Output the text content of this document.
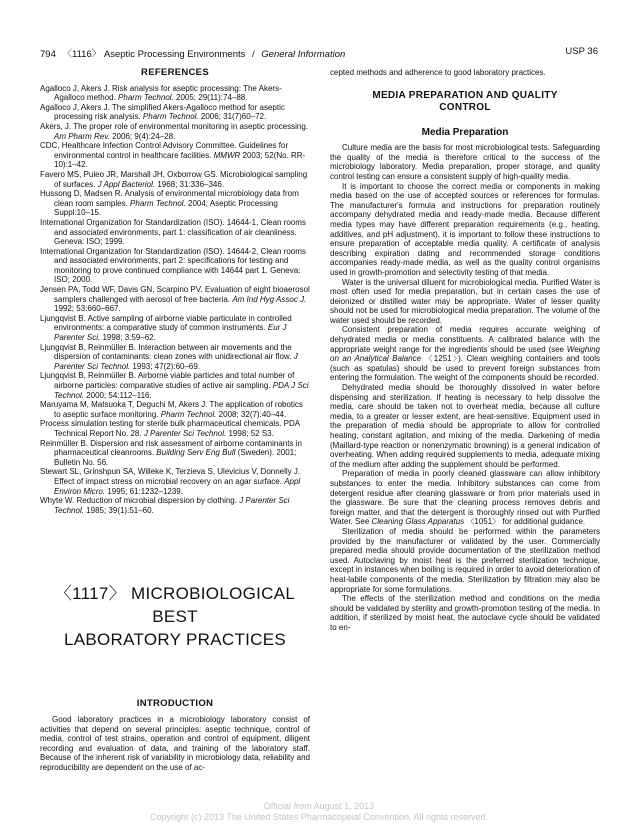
794 〈1116〉 Aseptic Processing Environments / General Information	USP 36
REFERENCES

Agalloco J, Akers J. Risk analysis for aseptic processing: The Akers-Agalloco method. Pharm Technol. 2005; 29(11):74–88.

Agalloco J, Akers J. The simplified Akers-Agalloco method for aseptic processing risk analysis. Pharm Technol. 2006; 31(7)60–72.

Akers, J. The proper role of environmental monitoring in aseptic processing. Am Pharm Rev. 2006; 9(4):24–28.

CDC, Healthcare Infection Control Advisory Committee. Guidelines for environmental control in healthcare facilities. MMWR 2003; 52(No. RR-10):1–42.

Favero MS, Puleo JR, Marshall JH, Oxborrow GS. Microbiological sampling of surfaces. J Appl Bacteriol. 1968; 31:336–346.

Hussong D, Madsen R. Analysis of environmental microbiology data from clean room samples. Pharm Technol. 2004; Aseptic Processing Suppl:10–15.

International Organization for Standardization (ISO). 14644-1, Clean rooms and associated environments, part 1: classification of air cleanliness. Geneva: ISO; 1999.

International Organization for Standardization (ISO). 14644-2, Clean rooms and associated environments, part 2: specifications for testing and monitoring to prove continued compliance with 14644 part 1. Geneva: ISO; 2000.

Jensen PA, Todd WF, Davis GN, Scarpino PV. Evaluation of eight bioaerosol samplers challenged with aerosol of free bacteria. Am Ind Hyg Assoc J. 1992; 53:660–667.

Ljungqvist B. Active sampling of airborne viable particulate in controlled environments: a comparative study of common instruments. Eur J Parenter Sci. 1998; 3:59–62.

Ljungqvist B, Reinmüller B. Interaction between air movements and the dispersion of contaminants: clean zones with unidirectional air flow. J Parenter Sci Technol. 1993; 47(2):60–69.

Ljungqvist B, Reinmüller B. Airborne viable particles and total number of airborne particles: comparative studies of active air sampling. PDA J Sci Technol. 2000; 54:112–116.

Maruyama M, Matsuoka T, Deguchi M, Akers J. The application of robotics to aseptic surface monitoring. Pharm Technol. 2008; 32(7):40–44.

Process simulation testing for sterile bulk pharmaceutical chemicals. PDA Technical Report No. 28. J Parenter Sci Technol. 1998; 52 S3.

Reinmüller B. Dispersion and risk assessment of airborne contaminants in pharmaceutical cleanrooms. Building Serv Eng Bull (Sweden). 2001; Bulletin No. 56.

Stewart SL, Grinshpun SA, Willeke K, Terzieva S, Ulevicius V, Donnelly J. Effect of impact stress on microbial recovery on an agar surface. Appl Environ Micro. 1995; 61:1232–1239.

Whyte W. Reduction of microbial dispersion by clothing. J Parenter Sci Technol. 1985; 39(1):51–60.

〈1117〉 MICROBIOLOGICAL BEST
LABORATORY PRACTICES
INTRODUCTION

Good laboratory practices in a microbiology laboratory consist of activities that depend on several principles: aseptic technique, control of media, control of test strains, operation and control of equipment, diligent recording and evaluation of data, and training of the laboratory staff. Because of the inherent risk of variability in microbiology data, reliability and reproducibility are dependent on the use of ac-

cepted methods and adherence to good laboratory practices.

MEDIA PREPARATION AND QUALITY
CONTROL
Media Preparation

Culture media are the basis for most microbiological tests. Safeguarding the quality of the media is therefore critical to the success of the microbiology laboratory. Media preparation, proper storage, and quality control testing can ensure a consistent supply of high-quality media.

It is important to choose the correct media or components in making media based on the use of accepted sources or references for formulas. The manufacturer's formula and instructions for preparation routinely accompany dehydrated media and ready-made media. Because different media types may have different preparation requirements (e.g., heating, additives, and pH adjustment), it is important to follow these instructions to ensure preparation of acceptable media quality. A certificate of analysis describing expiration dating and recommended storage conditions accompanies ready-made media, as well as the quality control organisms used in growth-promotion and selectivity testing of that media.

Water is the universal diluent for microbiological media. Purified Water is most often used for media preparation, but in certain cases the use of deionized or distilled water may be appropriate. Water of lesser quality should not be used for microbiological media preparation. The volume of the water used should be recorded.

Consistent preparation of media requires accurate weighing of dehydrated media or media constituents. A calibrated balance with the appropriate weight range for the ingredients should be used (see Weighing on an Analytical Balance 〈1251〉). Clean weighing containers and tools (such as spatulas) should be used to prevent foreign substances from entering the formulation. The weight of the components should be recorded.

Dehydrated media should be thoroughly dissolved in water before dispensing and sterilization. If heating is necessary to help dissolve the media, care should be taken not to overheat media, because all culture media, to a greater or lesser extent, are heat-sensitive. Equipment used in the preparation of media should be appropriate to allow for controlled heating, constant agitation, and mixing of the media. Darkening of media (Maillard-type reaction or nonenzymatic browning) is a general indication of overheating. When adding required supplements to media, adequate mixing of the medium after adding the supplement should be performed.

Preparation of media in poorly cleaned glassware can allow inhibitory substances to enter the media. Inhibitory substances can come from detergent residue after cleaning glassware or from prior materials used in the glassware. Be sure that the cleaning process removes debris and foreign matter, and that the detergent is thoroughly rinsed out with Purified Water. See Cleaning Glass Apparatus 〈1051〉 for additional guidance.

Sterilization of media should be performed within the parameters provided by the manufacturer or validated by the user. Commercially prepared media should provide documentation of the sterilization method used. Autoclaving by moist heat is the preferred sterilization technique, except in instances when boiling is required in order to avoid deterioration of heat-labile components of the media. Sterilization by filtration may also be appropriate for some formulations.

The effects of the sterilization method and conditions on the media should be validated by sterility and growth-promotion testing of the media. In addition, if sterilized by moist heat, the autoclave cycle should be validated to en-

Official from August 1, 2013
Copyright (c) 2013 The United States Pharmacopeial Convention. All rights reserved.
